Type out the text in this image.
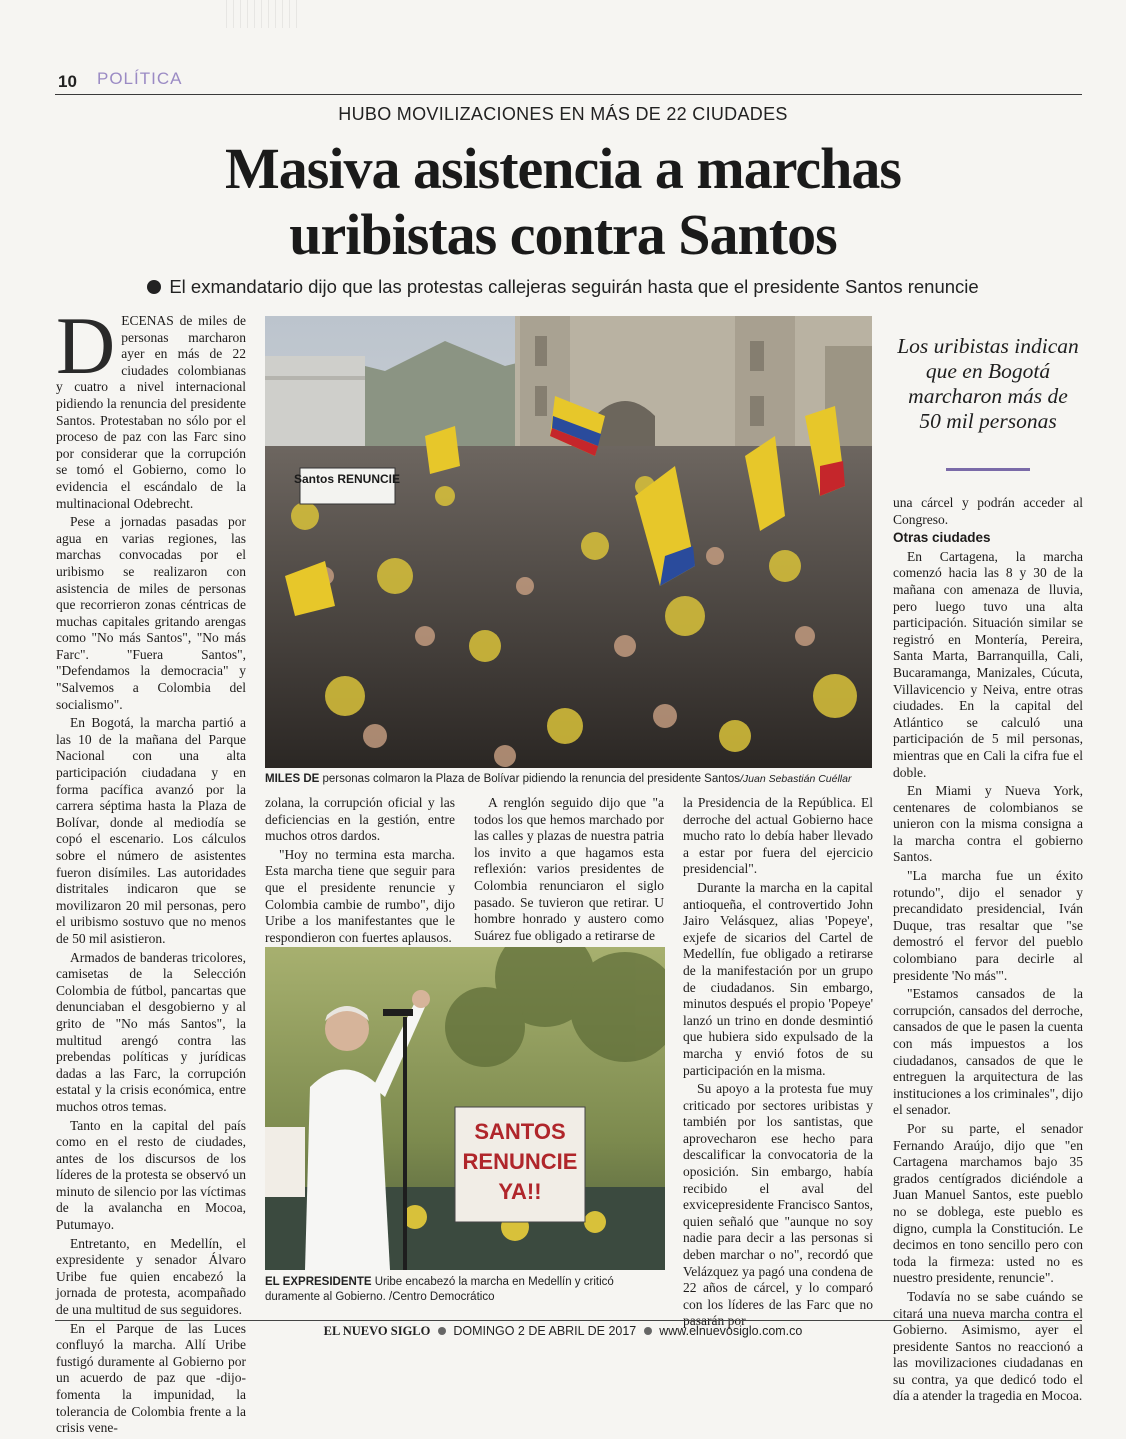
10 POLÍTICA
HUBO MOVILIZACIONES EN MÁS DE 22 CIUDADES
Masiva asistencia a marchas
uribistas contra Santos
El exmandatario dijo que las protestas callejeras seguirán hasta que el presidente Santos renuncie

DECENAS de miles de personas marcharon ayer en más de 22 ciudades colombianas y cuatro a nivel internacional pidiendo la renuncia del presidente Santos. Protestaban no sólo por el proceso de paz con las Farc sino por considerar que la corrupción se tomó el Gobierno, como lo evidencia el escándalo de la multinacional Odebrecht.

Pese a jornadas pasadas por agua en varias regiones, las marchas convocadas por el uribismo se realizaron con asistencia de miles de personas que recorrieron zonas céntricas de muchas capitales gritando arengas como "No más Santos", "No más Farc". "Fuera Santos", "Defendamos la democracia" y "Salvemos a Colombia del socialismo".

En Bogotá, la marcha partió a las 10 de la mañana del Parque Nacional con una alta participación ciudadana y en forma pacífica avanzó por la carrera séptima hasta la Plaza de Bolívar, donde al mediodía se copó el escenario. Los cálculos sobre el número de asistentes fueron disímiles. Las autoridades distritales indicaron que se movilizaron 20 mil personas, pero el uribismo sostuvo que no menos de 50 mil asistieron.

Armados de banderas tricolores, camisetas de la Selección Colombia de fútbol, pancartas que denunciaban el desgobierno y al grito de "No más Santos", la multitud arengó contra las prebendas políticas y jurídicas dadas a las Farc, la corrupción estatal y la crisis económica, entre muchos otros temas.

Tanto en la capital del país como en el resto de ciudades, antes de los discursos de los líderes de la protesta se observó un minuto de silencio por las víctimas de la avalancha en Mocoa, Putumayo.

Entretanto, en Medellín, el expresidente y senador Álvaro Uribe fue quien encabezó la jornada de protesta, acompañado de una multitud de sus seguidores.

En el Parque de las Luces confluyó la marcha. Allí Uribe fustigó duramente al Gobierno por un acuerdo de paz que -dijo- fomenta la impunidad, la tolerancia de Colombia frente a la crisis vene-

Santos RENUNCIE
MILES DE personas colmaron la Plaza de Bolívar pidiendo la renuncia del presidente Santos/Juan Sebastián Cuéllar

zolana, la corrupción oficial y las deficiencias en la gestión, entre muchos otros dardos.

"Hoy no termina esta marcha. Esta marcha tiene que seguir para que el presidente renuncie y Colombia cambie de rumbo", dijo Uribe a los manifestantes que le respondieron con fuertes aplausos.

A renglón seguido dijo que "a todos los que hemos marchado por las calles y plazas de nuestra patria los invito a que hagamos esta reflexión: varios presidentes de Colombia renunciaron el siglo pasado. Se tuvieron que retirar. U hombre honrado y austero como Suárez fue obligado a retirarse de

SANTOS
RENUNCIE
YA!!
EL EXPRESIDENTE Uribe encabezó la marcha en Medellín y criticó duramente al Gobierno. /Centro Democrático

la Presidencia de la República. El derroche del actual Gobierno hace mucho rato lo debía haber llevado a estar por fuera del ejercicio presidencial".

Durante la marcha en la capital antioqueña, el controvertido John Jairo Velásquez, alias 'Popeye', exjefe de sicarios del Cartel de Medellín, fue obligado a retirarse de la manifestación por un grupo de ciudadanos. Sin embargo, minutos después el propio 'Popeye' lanzó un trino en donde desmintió que hubiera sido expulsado de la marcha y envió fotos de su participación en la misma.

Su apoyo a la protesta fue muy criticado por sectores uribistas y también por los santistas, que aprovecharon ese hecho para descalificar la convocatoria de la oposición. Sin embargo, había recibido el aval del exvicepresidente Francisco Santos, quien señaló que "aunque no soy nadie para decir a las personas si deben marchar o no", recordó que Velázquez ya pagó una condena de 22 años de cárcel, y lo comparó con los líderes de las Farc que no

Los uribistas indican que en Bogotá marcharon más de 50 mil personas

una cárcel y podrán acceder al Congreso.

Otras ciudades

En Cartagena, la marcha comenzó hacia las 8 y 30 de la mañana con amenaza de lluvia, pero luego tuvo una alta participación. Situación similar se registró en Montería, Pereira, Santa Marta, Barranquilla, Cali, Bucaramanga, Manizales, Cúcuta, Villavicencio y Neiva, entre otras ciudades. En la capital del Atlántico se calculó una participación de 5 mil personas, mientras que en Cali la cifra fue el doble.

En Miami y Nueva York, centenares de colombianos se unieron con la misma consigna a la marcha contra el gobierno Santos.

"La marcha fue un éxito rotundo", dijo el senador y precandidato presidencial, Iván Duque, tras resaltar que "se demostró el fervor del pueblo colombiano para decirle al presidente 'No más'".

"Estamos cansados de la corrupción, cansados del derroche, cansados de que le pasen la cuenta con más impuestos a los ciudadanos, cansados de que le entreguen la arquitectura de las instituciones a los criminales", dijo el senador.

Por su parte, el senador Fernando Araújo, dijo que "en Cartagena marchamos bajo 35 grados centígrados diciéndole a Juan Manuel Santos, este pueblo no se doblega, este pueblo es digno, cumpla la Constitución. Le decimos en tono sencillo pero con toda la firmeza: usted no es nuestro presidente, renuncie".

Todavía no se sabe cuándo se citará una nueva marcha contra el Gobierno. Asimismo, ayer el presidente Santos no reaccionó a las movilizaciones ciudadanas en su contra, ya que dedicó todo el día a atender la tragedia en Mocoa.

EL NUEVO SIGLO DOMINGO 2 DE ABRIL DE 2017 www.elnuevosiglo.com.co
